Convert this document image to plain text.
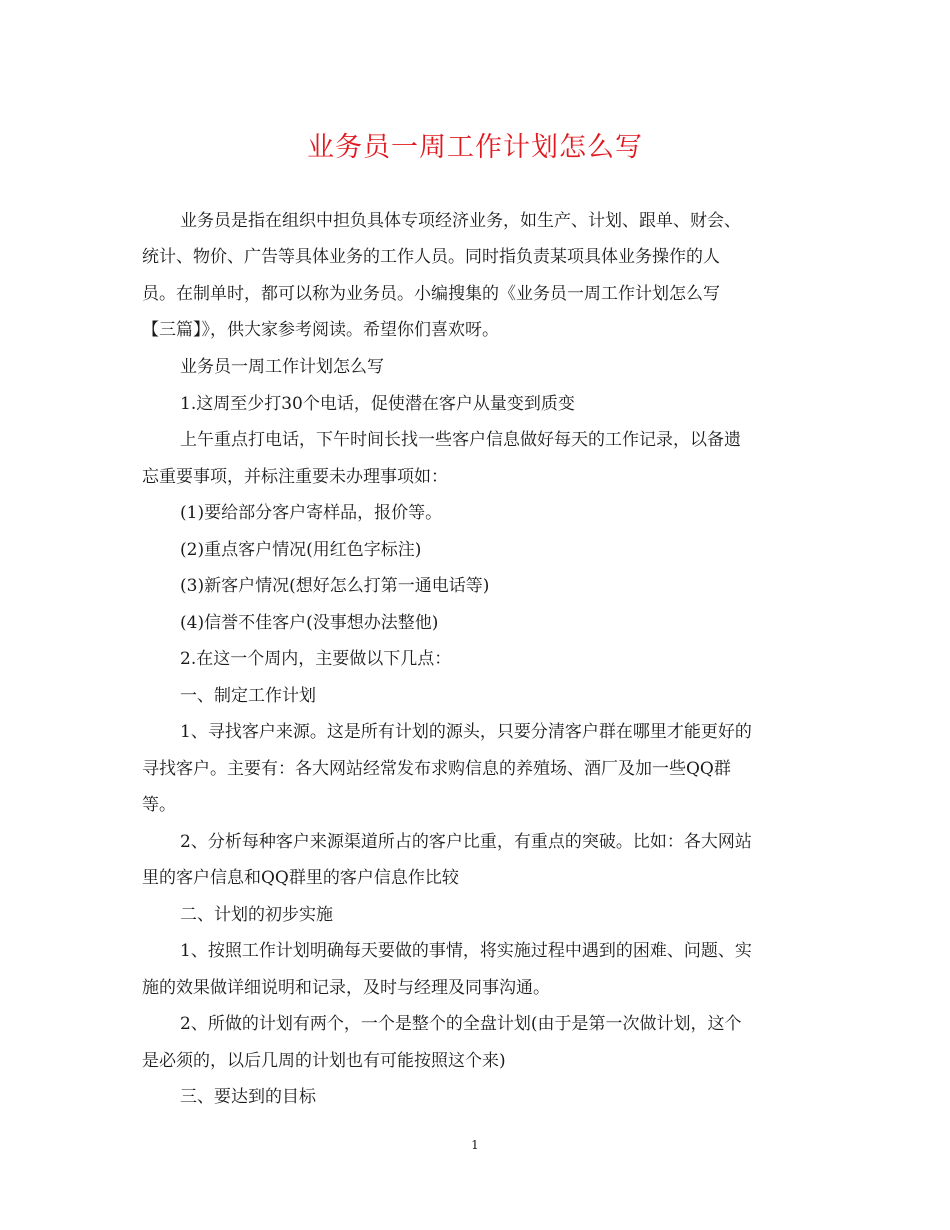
业务员一周工作计划怎么写
业务员是指在组织中担负具体专项经济业务，如生产、计划、跟单、财会、
统计、物价、广告等具体业务的工作人员。同时指负责某项具体业务操作的人
员。在制单时，都可以称为业务员。小编搜集的《业务员一周工作计划怎么写
【三篇】》，供大家参考阅读。希望你们喜欢呀。
业务员一周工作计划怎么写
1.这周至少打30个电话，促使潜在客户从量变到质变
上午重点打电话，下午时间长找一些客户信息做好每天的工作记录，以备遗
忘重要事项，并标注重要未办理事项如：
(1)要给部分客户寄样品，报价等。
(2)重点客户情况(用红色字标注)
(3)新客户情况(想好怎么打第一通电话等)
(4)信誉不佳客户(没事想办法整他)
2.在这一个周内，主要做以下几点：
一、制定工作计划
1、寻找客户来源。这是所有计划的源头，只要分清客户群在哪里才能更好的
寻找客户。主要有：各大网站经常发布求购信息的养殖场、酒厂及加一些QQ群
等。
2、分析每种客户来源渠道所占的客户比重，有重点的突破。比如：各大网站
里的客户信息和QQ群里的客户信息作比较
二、计划的初步实施
1、按照工作计划明确每天要做的事情，将实施过程中遇到的困难、问题、实
施的效果做详细说明和记录，及时与经理及同事沟通。
2、所做的计划有两个，一个是整个的全盘计划(由于是第一次做计划，这个
是必须的，以后几周的计划也有可能按照这个来)
三、要达到的目标
1
